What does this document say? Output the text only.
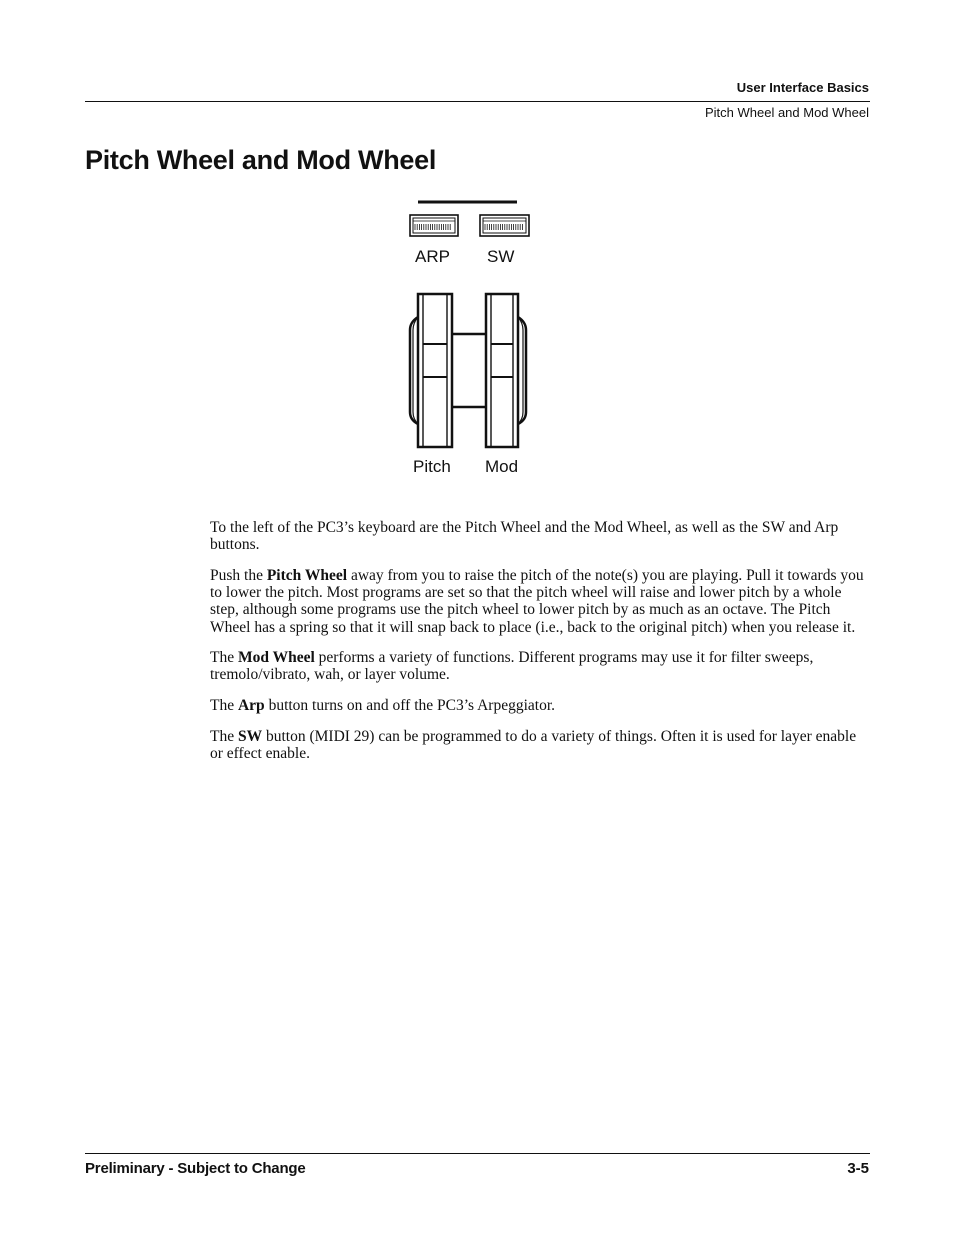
User Interface Basics
Pitch Wheel and Mod Wheel
Pitch Wheel and Mod Wheel
ARP SW
Pitch Mod

To the left of the PC3’s keyboard are the Pitch Wheel and the Mod Wheel, as well as the SW and Arp buttons.

Push the Pitch Wheel away from you to raise the pitch of the note(s) you are playing. Pull it towards you to lower the pitch. Most programs are set so that the pitch wheel will raise and lower pitch by a whole step, although some programs use the pitch wheel to lower pitch by as much as an octave. The Pitch Wheel has a spring so that it will snap back to place (i.e., back to the original pitch) when you release it.

The Mod Wheel performs a variety of functions. Different programs may use it for filter sweeps, tremolo/vibrato, wah, or layer volume.

The Arp button turns on and off the PC3’s Arpeggiator.

The SW button (MIDI 29) can be programmed to do a variety of things. Often it is used for layer enable or effect enable.

Preliminary - Subject to Change	3-5
